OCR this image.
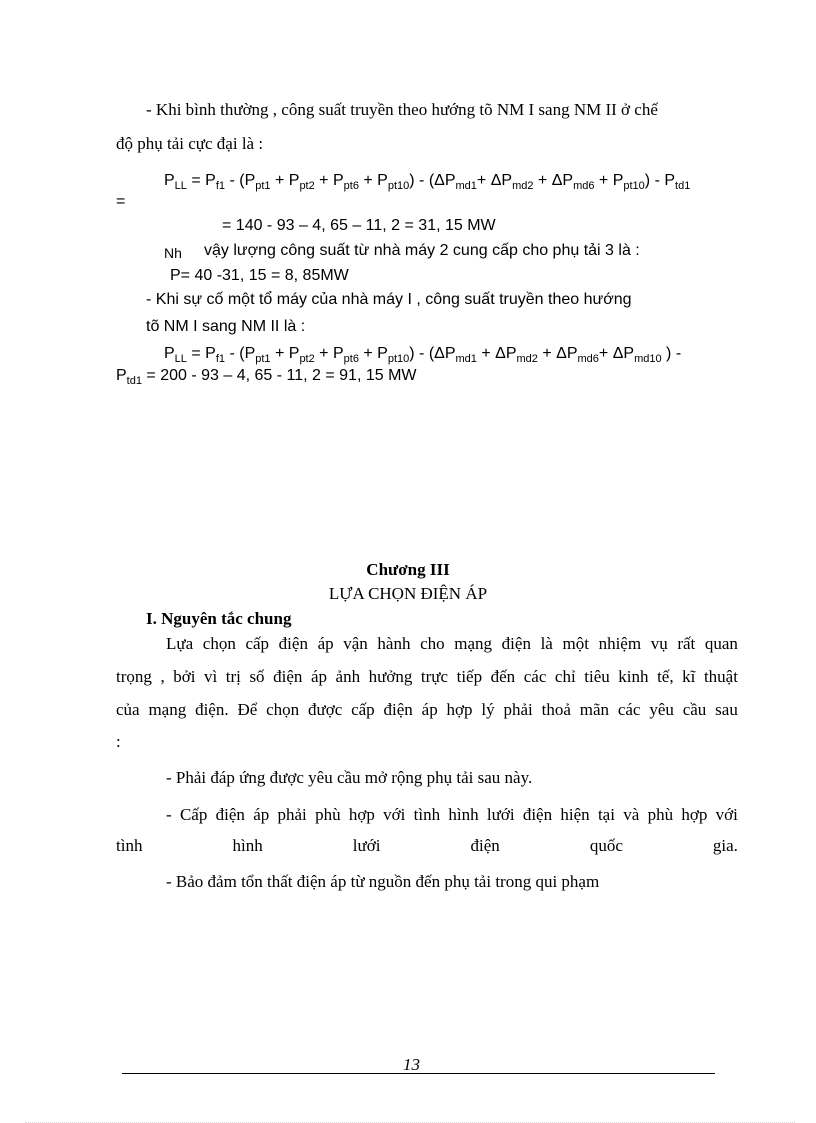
- Khi bình thường , công suất truyền theo hướng tõ NM I sang NM II ở chế
độ phụ tải cực đại là :
$P_{LL} = P_{f1} - (P_{pt1} + P_{pt2} + P_{pt6} + P_{pt10}) - (\Delta P_{md1}+ \Delta P_{md2} + \Delta P_{md6} + P_{pt10}) - P_{td1}$
=
= 140 - 93 – 4, 65 – 11, 2 = 31, 15 MW
Nh vậy lượng công suất từ nhà máy 2 cung cấp cho phụ tải 3 là :
P= 40 -31, 15 = 8, 85MW
- Khi sự cố một tổ máy của nhà máy I , công suất truyền theo hướng
tõ NM I sang NM II là :
$P_{LL} = P_{f1} - (P_{pt1} + P_{pt2} + P_{pt6} + P_{pt10}) - (\Delta P_{md1} + \Delta P_{md2} + \Delta P_{md6}+ \Delta P_{md10}$ ) -
$P_{td1} = 200 - 93 - 4$, 65 - 11, 2 = 91, 15 MW
Chương III
LỰA CHỌN ĐIỆN ÁP
I. Nguyên tắc chung
Lựa chọn cấp điện áp vận hành cho mạng điện là một nhiệm vụ rất quan
trọng , bởi vì trị số điện áp ảnh hưởng trực tiếp đến các chỉ tiêu kinh tế, kĩ thuật
của mạng điện. Để chọn được cấp điện áp hợp lý phải thoả mãn các yêu cầu sau
:
- Phải đáp ứng được yêu cầu mở rộng phụ tải sau này.
- Cấp điện áp phải phù hợp với tình hình lưới điện hiện tại và phù hợp với
tình	hình	lưới	điện	quốc	gia.
- Bảo đảm tổn thất điện áp từ nguồn đến phụ tải trong qui phạm
13
